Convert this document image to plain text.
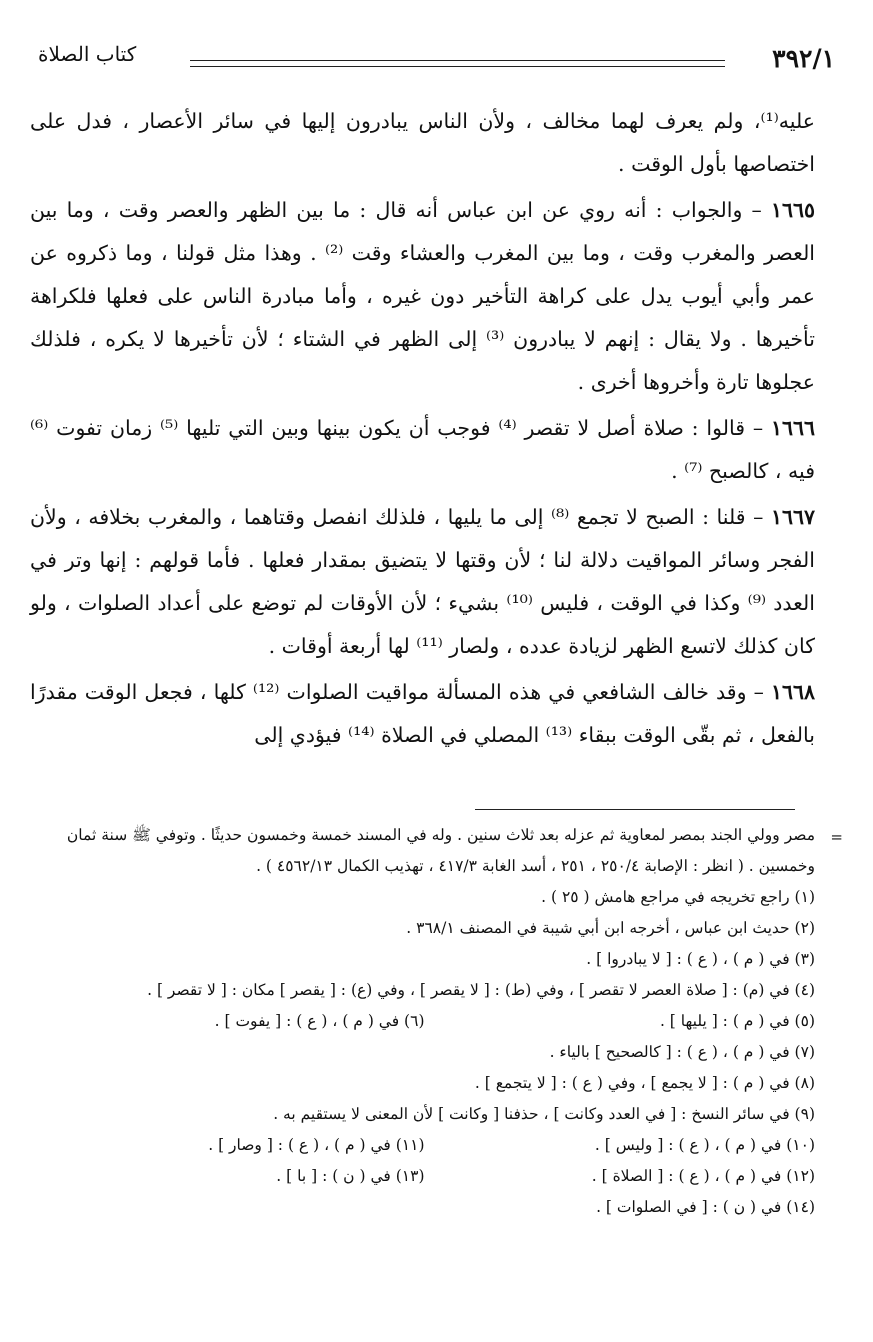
٣٩٢/١
كتاب الصلاة

عليه⁽¹⁾، ولم يعرف لهما مخالف ، ولأن الناس يبادرون إليها في سائر الأعصار ، فدل على اختصاصها بأول الوقت .

١٦٦٥ – والجواب : أنه روي عن ابن عباس أنه قال : ما بين الظهر والعصر وقت ، وما بين العصر والمغرب وقت ، وما بين المغرب والعشاء وقت ⁽²⁾ . وهذا مثل قولنا ، وما ذكروه عن عمر وأبي أيوب يدل على كراهة التأخير دون غيره ، وأما مبادرة الناس على فعلها فلكراهة تأخيرها . ولا يقال : إنهم لا يبادرون ⁽³⁾ إلى الظهر في الشتاء ؛ لأن تأخيرها لا يكره ، فلذلك عجلوها تارة وأخروها أخرى .

١٦٦٦ – قالوا : صلاة أصل لا تقصر ⁽⁴⁾ فوجب أن يكون بينها وبين التي تليها ⁽⁵⁾ زمان تفوت ⁽⁶⁾ فيه ، كالصبح ⁽⁷⁾ .

١٦٦٧ – قلنا : الصبح لا تجمع ⁽⁸⁾ إلى ما يليها ، فلذلك انفصل وقتاهما ، والمغرب بخلافه ، ولأن الفجر وسائر المواقيت دلالة لنا ؛ لأن وقتها لا يتضيق بمقدار فعلها . فأما قولهم : إنها وتر في العدد ⁽⁹⁾ وكذا في الوقت ، فليس ⁽¹⁰⁾ بشيء ؛ لأن الأوقات لم توضع على أعداد الصلوات ، ولو كان كذلك لاتسع الظهر لزيادة عدده ، ولصار ⁽¹¹⁾ لها أربعة أوقات .

١٦٦٨ – وقد خالف الشافعي في هذه المسألة مواقيت الصلوات ⁽¹²⁾ كلها ، فجعل الوقت مقدرًا بالفعل ، ثم بقّى الوقت ببقاء ⁽¹³⁾ المصلي في الصلاة ⁽¹⁴⁾ فيؤدي إلى

=
مصر وولي الجند بمصر لمعاوية ثم عزله بعد ثلاث سنين . وله في المسند خمسة وخمسون حديثًا . وتوفي ﷺ سنة ثمان وخمسين . ( انظر : الإصابة ٢٥٠/٤ ، ٢٥١ ، أسد الغابة ٤١٧/٣ ، تهذيب الكمال ٤٥٦٢/١٣ ) .
(١) راجع تخريجه في مراجع هامش ( ٢٥ ) .
(٢) حديث ابن عباس ، أخرجه ابن أبي شيبة في المصنف ٣٦٨/١ .
(٣) في ( م ) ، ( ع ) : [ لا يبادروا ] .
(٤) في (م) : [ صلاة العصر لا تقصر ] ، وفي (ط) : [ لا يقصر ] ، وفي (ع) : [ يقصر ] مكان : [ لا تقصر ] .
(٥) في ( م ) : [ يليها ] .
(٦) في ( م ) ، ( ع ) : [ يفوت ] .
(٧) في ( م ) ، ( ع ) : [ كالصحيح ] بالياء .
(٨) في ( م ) : [ لا يجمع ] ، وفي ( ع ) : [ لا يتجمع ] .
(٩) في سائر النسخ : [ في العدد وكانت ] ، حذفنا [ وكانت ] لأن المعنى لا يستقيم به .
(١٠) في ( م ) ، ( ع ) : [ وليس ] .
(١١) في ( م ) ، ( ع ) : [ وصار ] .
(١٢) في ( م ) ، ( ع ) : [ الصلاة ] .
(١٣) في ( ن ) : [ با ] .
(١٤) في ( ن ) : [ في الصلوات ] .
